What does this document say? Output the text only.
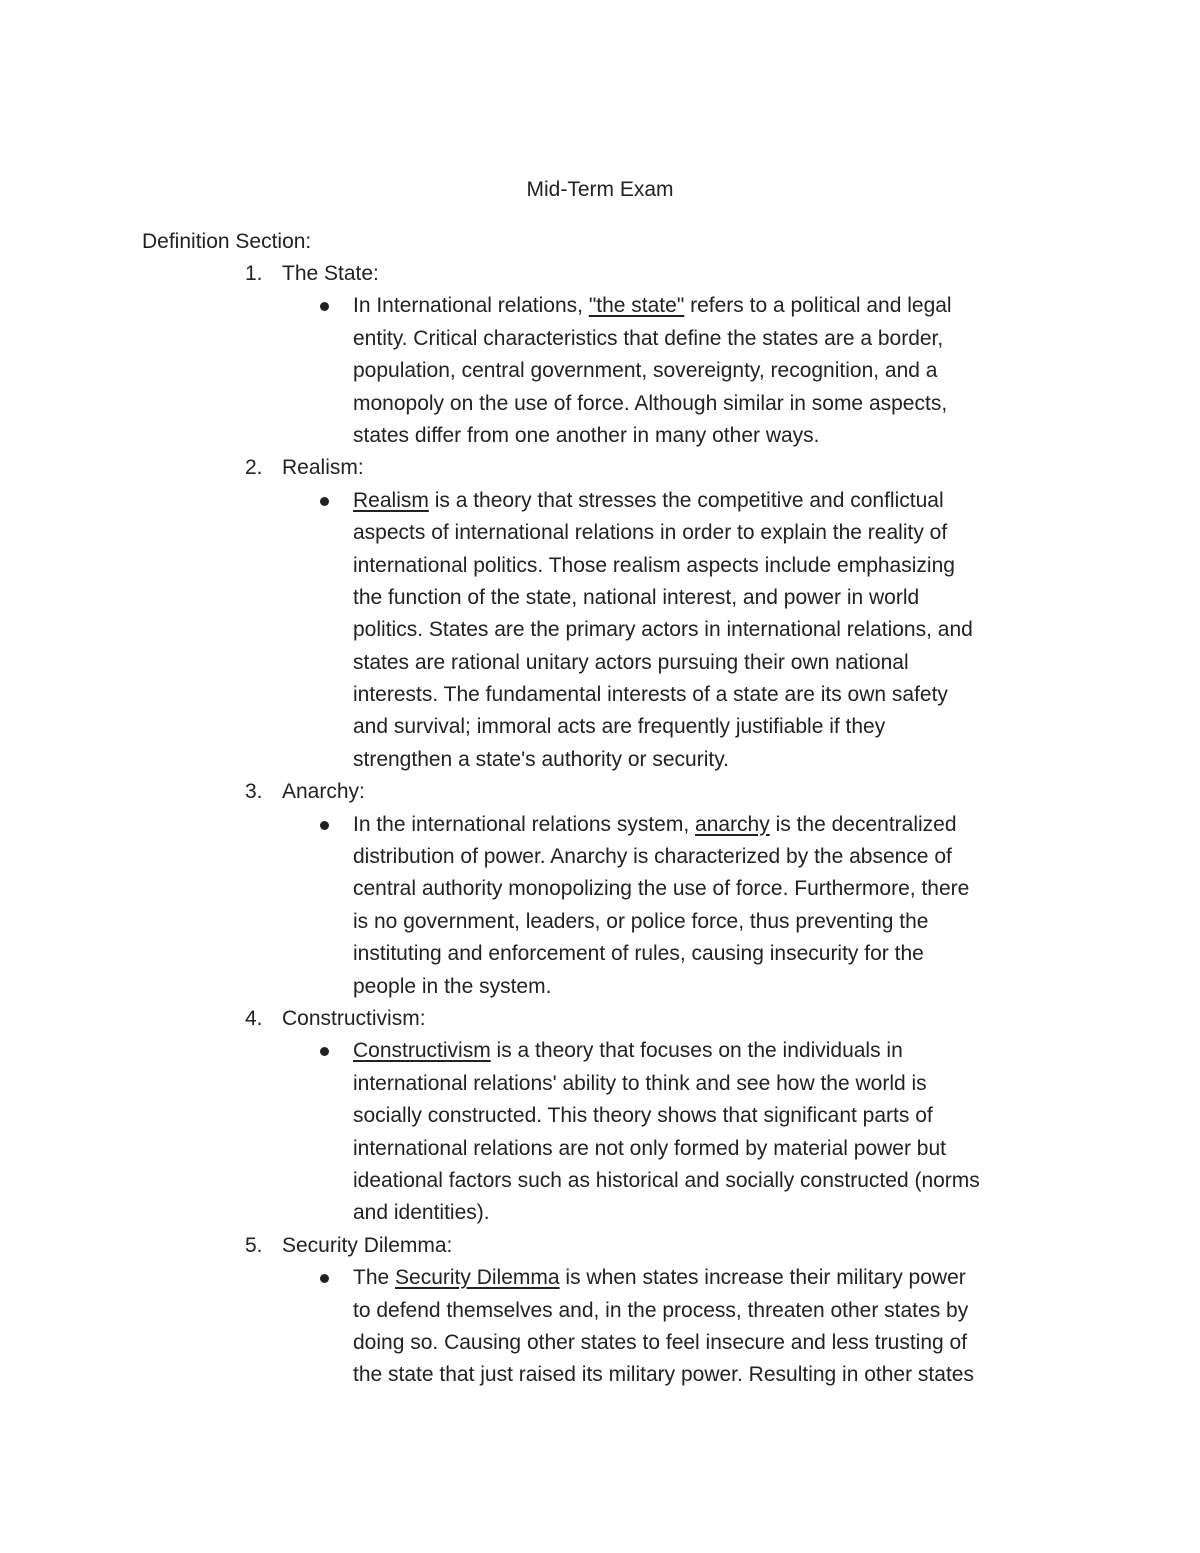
Mid-Term Exam
Definition Section:
1. The State:
In International relations, "the state" refers to a political and legal
entity. Critical characteristics that define the states are a border,
population, central government, sovereignty, recognition, and a
monopoly on the use of force. Although similar in some aspects,
states differ from one another in many other ways.
2. Realism:
Realism is a theory that stresses the competitive and conflictual
aspects of international relations in order to explain the reality of
international politics. Those realism aspects include emphasizing
the function of the state, national interest, and power in world
politics. States are the primary actors in international relations, and
states are rational unitary actors pursuing their own national
interests. The fundamental interests of a state are its own safety
and survival; immoral acts are frequently justifiable if they
strengthen a state's authority or security.
3. Anarchy:
In the international relations system, anarchy is the decentralized
distribution of power. Anarchy is characterized by the absence of
central authority monopolizing the use of force. Furthermore, there
is no government, leaders, or police force, thus preventing the
instituting and enforcement of rules, causing insecurity for the
people in the system.
4. Constructivism:
Constructivism is a theory that focuses on the individuals in
international relations' ability to think and see how the world is
socially constructed. This theory shows that significant parts of
international relations are not only formed by material power but
ideational factors such as historical and socially constructed (norms
and identities).
5. Security Dilemma:
The Security Dilemma is when states increase their military power
to defend themselves and, in the process, threaten other states by
doing so. Causing other states to feel insecure and less trusting of
the state that just raised its military power. Resulting in other states
